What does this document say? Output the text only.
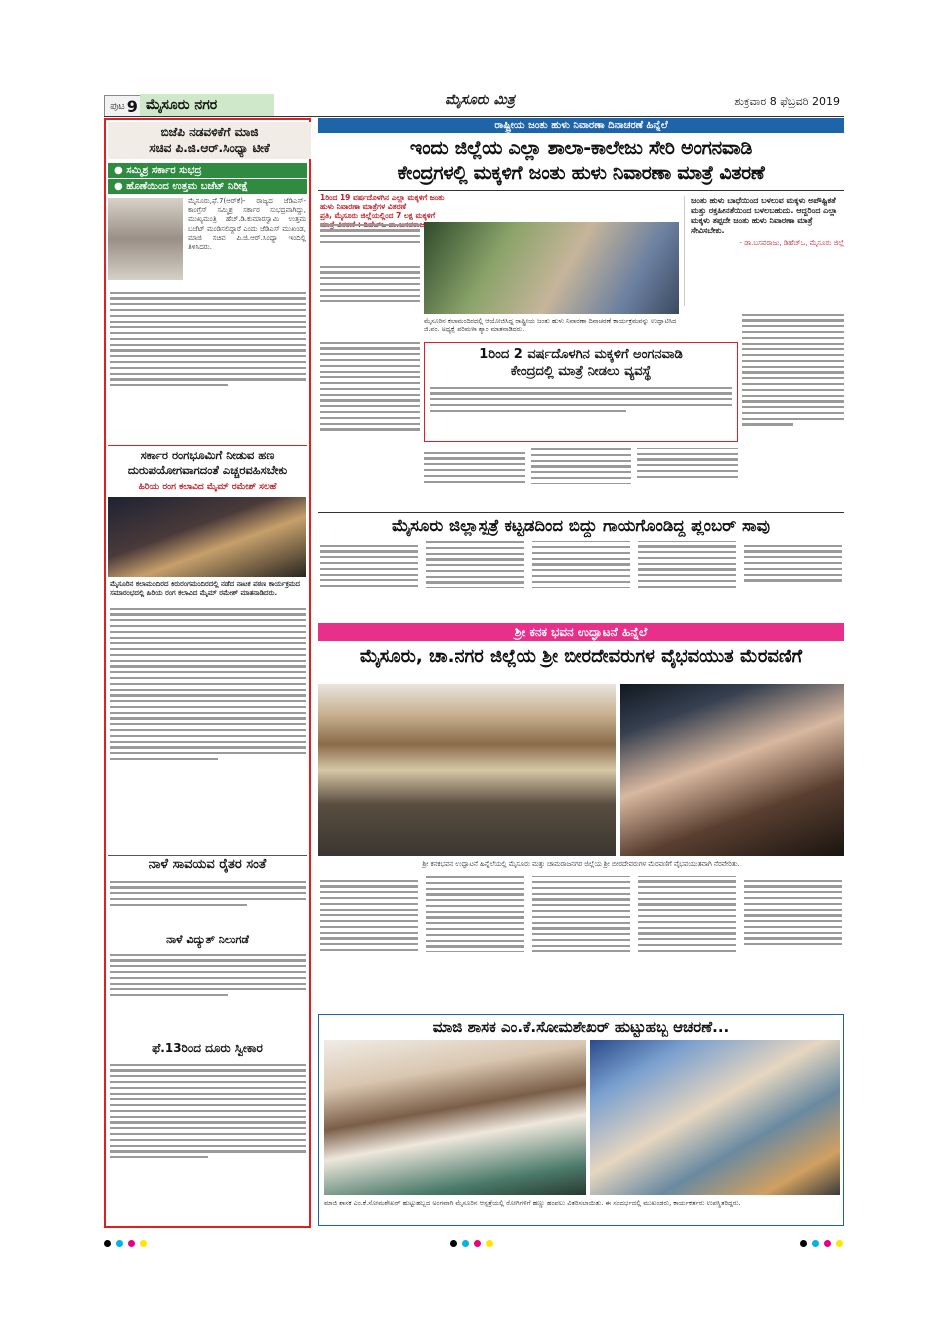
ಪುಟ 9 ಮೈಸೂರು ನಗರ	ಮೈಸೂರು ಮಿತ್ರ	ಶುಕ್ರವಾರ 8 ಫೆಬ್ರವರಿ 2019
ಬಿಜೆಪಿ ನಡವಳಿಕೆಗೆ ಮಾಜಿ
ಸಚಿವ ಪಿ.ಜಿ.ಆರ್.ಸಿಂಧ್ಯಾ ಟೀಕೆ
● ಸಮ್ಮಿಶ್ರ ಸರ್ಕಾರ ಸುಭದ್ರ
● ಹೊಣೆಯಿಂದ ಉತ್ತಮ ಬಜೆಟ್ ನಿರೀಕ್ಷೆ
ಮೈಸೂರು,ಫೆ.7(ಆರ್‌ಕೆ)- ರಾಜ್ಯದ ಜೆಡಿಎಸ್-ಕಾಂಗ್ರೆಸ್ ಸಮ್ಮಿಶ್ರ ಸರ್ಕಾರ ಸುಭದ್ರವಾಗಿದ್ದು, ಮುಖ್ಯಮಂತ್ರಿ ಹೆಚ್.ಡಿ.ಕುಮಾರಸ್ವಾಮಿ ಉತ್ತಮ ಬಜೆಟ್ ಮಂಡಿಸಲಿದ್ದಾರೆ ಎಂದು ಜೆಡಿಎಸ್ ಮುಖಂಡ, ಮಾಜಿ ಸಚಿವ ಪಿ.ಜಿ.ಆರ್.ಸಿಂಧ್ಯಾ ಇಂದಿಲ್ಲಿ ತಿಳಿಸಿದರು.
ಸರ್ಕಾರ ರಂಗಭೂಮಿಗೆ ನೀಡುವ ಹಣ
ದುರುಪಯೋಗವಾಗದಂತೆ ಎಚ್ಚರವಹಿಸಬೇಕು
ಹಿರಿಯ ರಂಗ ಕಲಾವಿದ ಮೈಮ್ ರಮೇಶ್ ಸಲಹೆ
ಮೈಸೂರಿನ ಕಲಾಮಂದಿರದ ಕಿರುರಂಗಮಂದಿರದಲ್ಲಿ ನಡೆದ ನಾಟಕ ಪಠಣ ಕಾರ್ಯಕ್ರಮದ ಸಮಾರಂಭದಲ್ಲಿ ಹಿರಿಯ ರಂಗ ಕಲಾವಿದ ಮೈಮ್ ರಮೇಶ್ ಮಾತನಾಡಿದರು.
ನಾಳೆ ಸಾವಯವ ರೈತರ ಸಂತೆ
ನಾಳೆ ವಿದ್ಯುತ್ ನಿಲುಗಡೆ
ಫೆ.13ರಿಂದ ದೂರು ಸ್ವೀಕಾರ
ರಾಷ್ಟ್ರೀಯ ಜಂತು ಹುಳು ನಿವಾರಣಾ ದಿನಾಚರಣೆ ಹಿನ್ನೆಲೆ
ಇಂದು ಜಿಲ್ಲೆಯ ಎಲ್ಲಾ ಶಾಲಾ-ಕಾಲೇಜು ಸೇರಿ ಅಂಗನವಾಡಿ
ಕೇಂದ್ರಗಳಲ್ಲಿ ಮಕ್ಕಳಿಗೆ ಜಂತು ಹುಳು ನಿವಾರಣಾ ಮಾತ್ರೆ ವಿತರಣೆ
1ರಿಂದ 19 ವರ್ಷದೊಳಗಿನ ಎಲ್ಲಾ ಮಕ್ಕಳಿಗೆ ಜಂತು ಹುಳು ನಿವಾರಣಾ ಮಾತ್ರೆಗಳ ವಿತರಣೆ
ಪ್ರತಿ, ಮೈಸೂರು ಜಿಲ್ಲೆಯಲ್ಲಿಂದ 7 ಲಕ್ಷ ಮಕ್ಕಳಿಗೆ
ಮೈಸೂರಿನ ಕಲಾಮಂದಿರದಲ್ಲಿ ಆಯೋಜಿಸಿದ್ದ ರಾಷ್ಟ್ರೀಯ ಜಂತು ಹುಳು ನಿವಾರಣಾ ದಿನಾಚರಣೆ ಕಾರ್ಯಕ್ರಮವನ್ನು ಉದ್ಘಾಟಿಸಿದ ಜಿ.ಪಂ. ಅಧ್ಯಕ್ಷೆ ಪರಿಮಳಾ ಶ್ಯಾಂ ಮಾತನಾಡಿದರು.
ಜಂತು ಹುಳು ಬಾಧೆಯಿಂದ ಬಳಲುವ ಮಕ್ಕಳು ಅಪೌಷ್ಟಿಕತೆ ಮತ್ತು ರಕ್ತಹೀನತೆಯಿಂದ ಬಳಲಬಹುದು. ಆದ್ದರಿಂದ ಎಲ್ಲಾ ಮಕ್ಕಳು ತಪ್ಪದೇ ಜಂತು ಹುಳು ನಿವಾರಣಾ ಮಾತ್ರೆ ಸೇವಿಸಬೇಕು.
- ಡಾ.ಬಸವರಾಜು, ಡಿಹೆಚ್‌ಒ, ಮೈಸೂರು ಜಿಲ್ಲೆ
1ರಿಂದ 2 ವರ್ಷದೊಳಗಿನ ಮಕ್ಕಳಿಗೆ ಅಂಗನವಾಡಿ
ಕೇಂದ್ರದಲ್ಲಿ ಮಾತ್ರೆ ನೀಡಲು ವ್ಯವಸ್ಥೆ
ಮೈಸೂರು ಜಿಲ್ಲಾಸ್ಪತ್ರೆ ಕಟ್ಟಡದಿಂದ ಬಿದ್ದು ಗಾಯಗೊಂಡಿದ್ದ ಪ್ಲಂಬರ್ ಸಾವು
ಶ್ರೀ ಕನಕ ಭವನ ಉದ್ಘಾಟನೆ ಹಿನ್ನೆಲೆ
ಮೈಸೂರು, ಚಾ.ನಗರ ಜಿಲ್ಲೆಯ ಶ್ರೀ ಬೀರದೇವರುಗಳ ವೈಭವಯುತ ಮೆರವಣಿಗೆ
ಶ್ರೀ ಕನಕಭವನ ಉದ್ಘಾಟನೆ ಹಿನ್ನೆಲೆಯಲ್ಲಿ ಮೈಸೂರು ಮತ್ತು ಚಾಮರಾಜನಗರ ಜಿಲ್ಲೆಯ ಶ್ರೀ ಬೀರದೇವರುಗಳ ಮೆರವಣಿಗೆ ವೈಭವಯುತವಾಗಿ ನೆರವೇರಿತು.
ಮಾಜಿ ಶಾಸಕ ಎಂ.ಕೆ.ಸೋಮಶೇಖರ್ ಹುಟ್ಟುಹಬ್ಬ ಆಚರಣೆ...
ಮಾಜಿ ಶಾಸಕ ಎಂ.ಕೆ.ಸೋಮಶೇಖರ್ ಹುಟ್ಟುಹಬ್ಬದ ಅಂಗವಾಗಿ ಮೈಸೂರಿನ ಆಸ್ಪತ್ರೆಯಲ್ಲಿ ರೋಗಿಗಳಿಗೆ ಹಣ್ಣು ಹಂಪಲು ವಿತರಿಸಲಾಯಿತು. ಈ ಸಂದರ್ಭದಲ್ಲಿ ಮುಖಂಡರು, ಕಾರ್ಯಕರ್ತರು ಉಪಸ್ಥಿತರಿದ್ದರು.
